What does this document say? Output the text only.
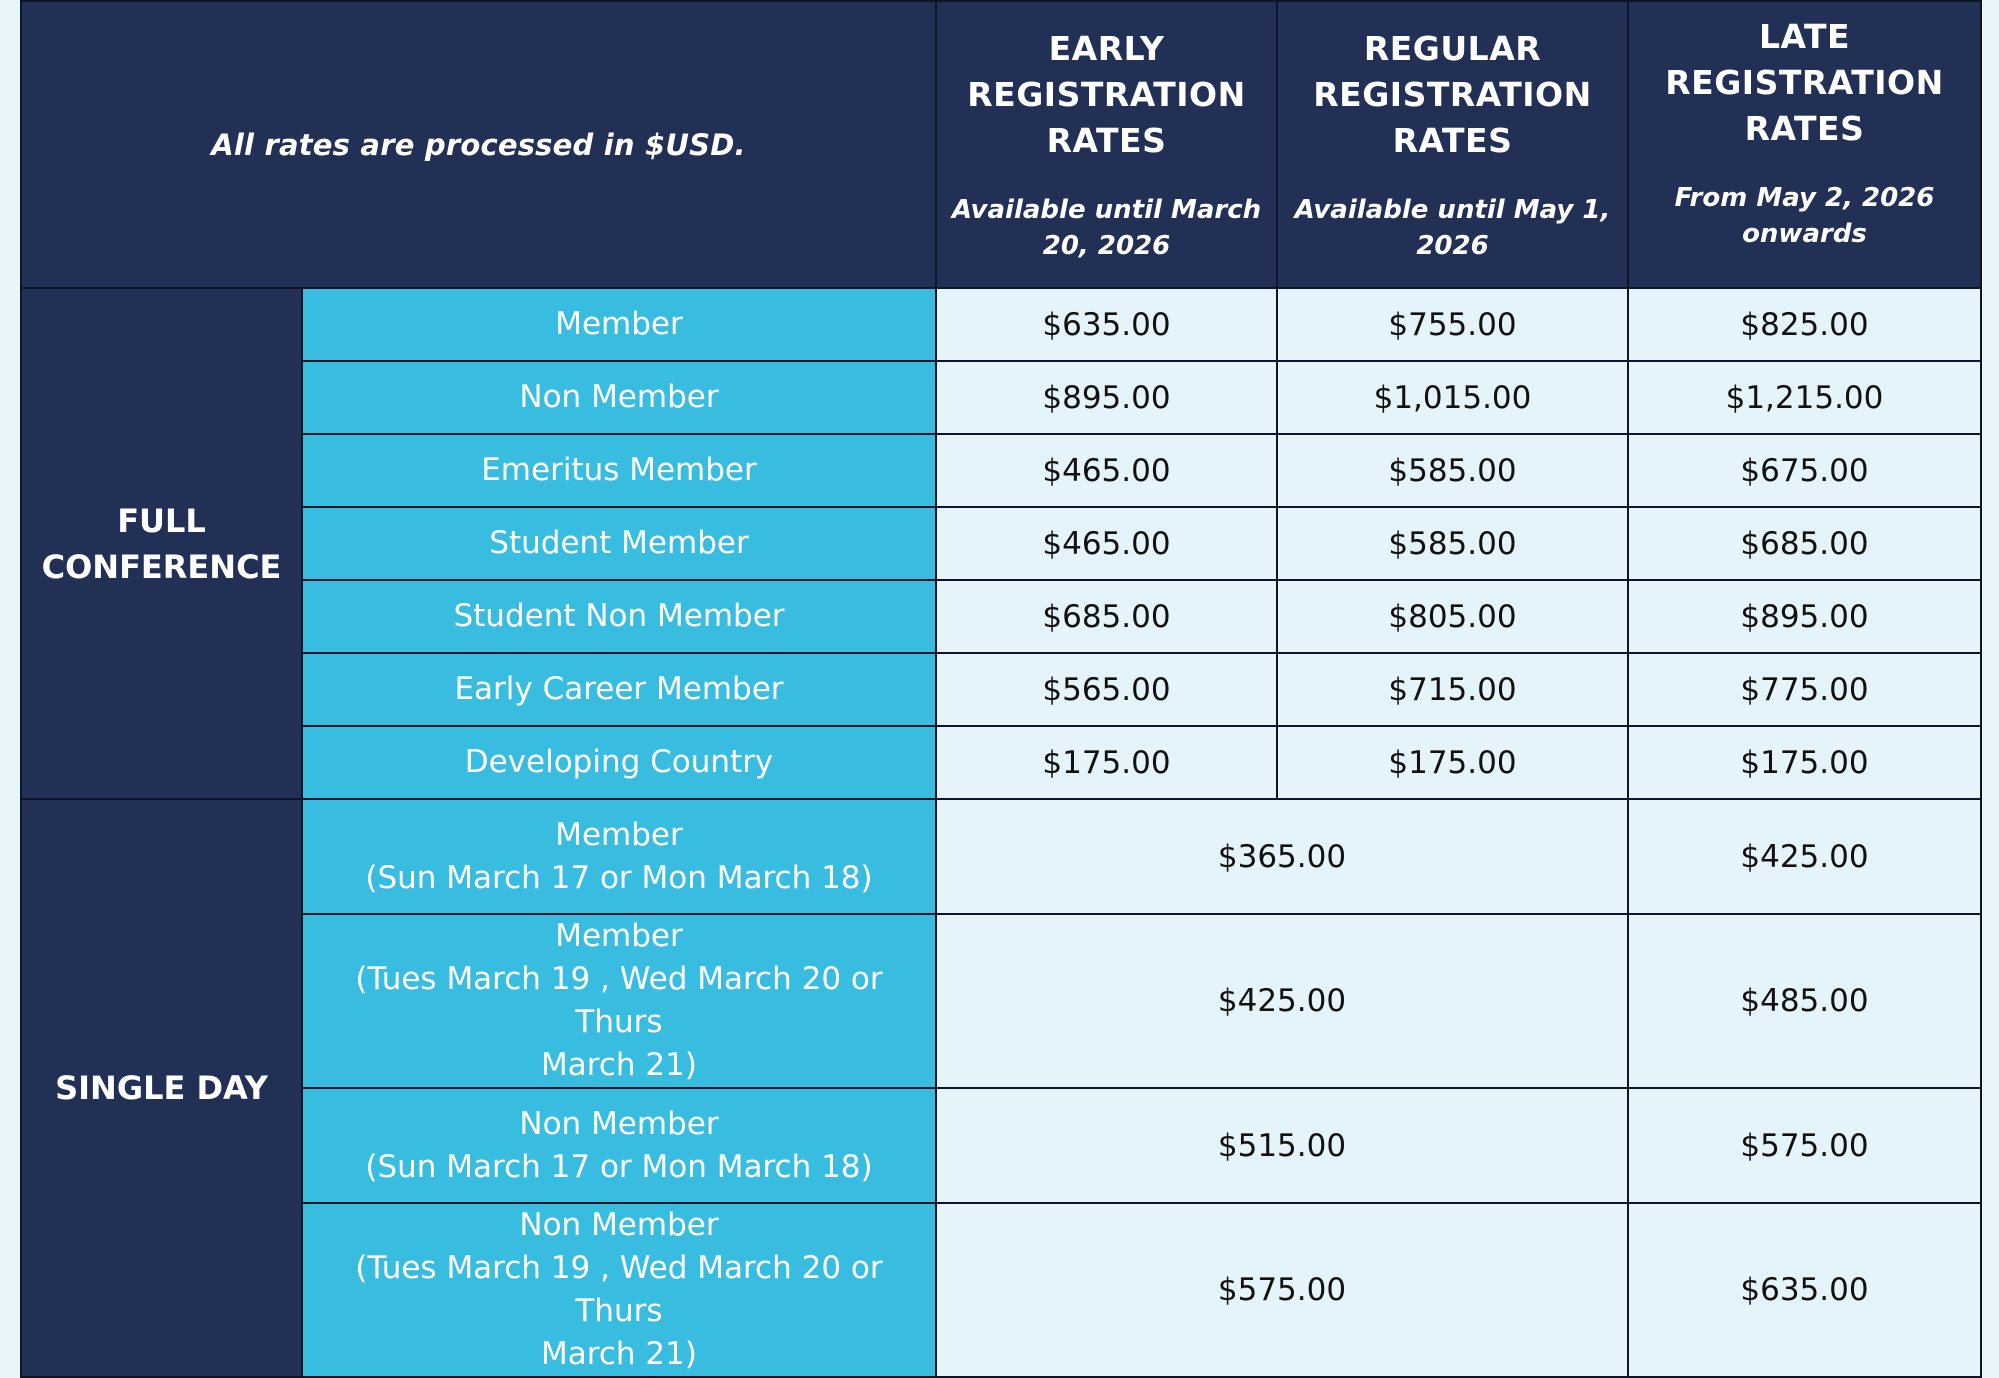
All rates are processed in $USD.		EARLY
REGISTRATION
RATES
Available until March
20, 2026	REGULAR
REGISTRATION
RATES
Available until May 1,
2026	LATE
REGISTRATION
RATES
From May 2, 2026
onwards

FULL
CONFERENCE	Member	$635.00	$755.00	$825.00
	Non Member	$895.00	$1,015.00	$1,215.00
	Emeritus Member	$465.00	$585.00	$675.00
	Student Member	$465.00	$585.00	$685.00
	Student Non Member	$685.00	$805.00	$895.00
	Early Career Member	$565.00	$715.00	$775.00
	Developing Country	$175.00	$175.00	$175.00
SINGLE DAY	Member
(Sun March 17 or Mon March 18)	$365.00		$425.00

	Member
(Tues March 19 , Wed March 20 or Thurs
March 21)	$425.00		$485.00

	Non Member
(Sun March 17 or Mon March 18)	$515.00		$575.00

	Non Member
(Tues March 19 , Wed March 20 or Thurs
March 21)	$575.00		$635.00
